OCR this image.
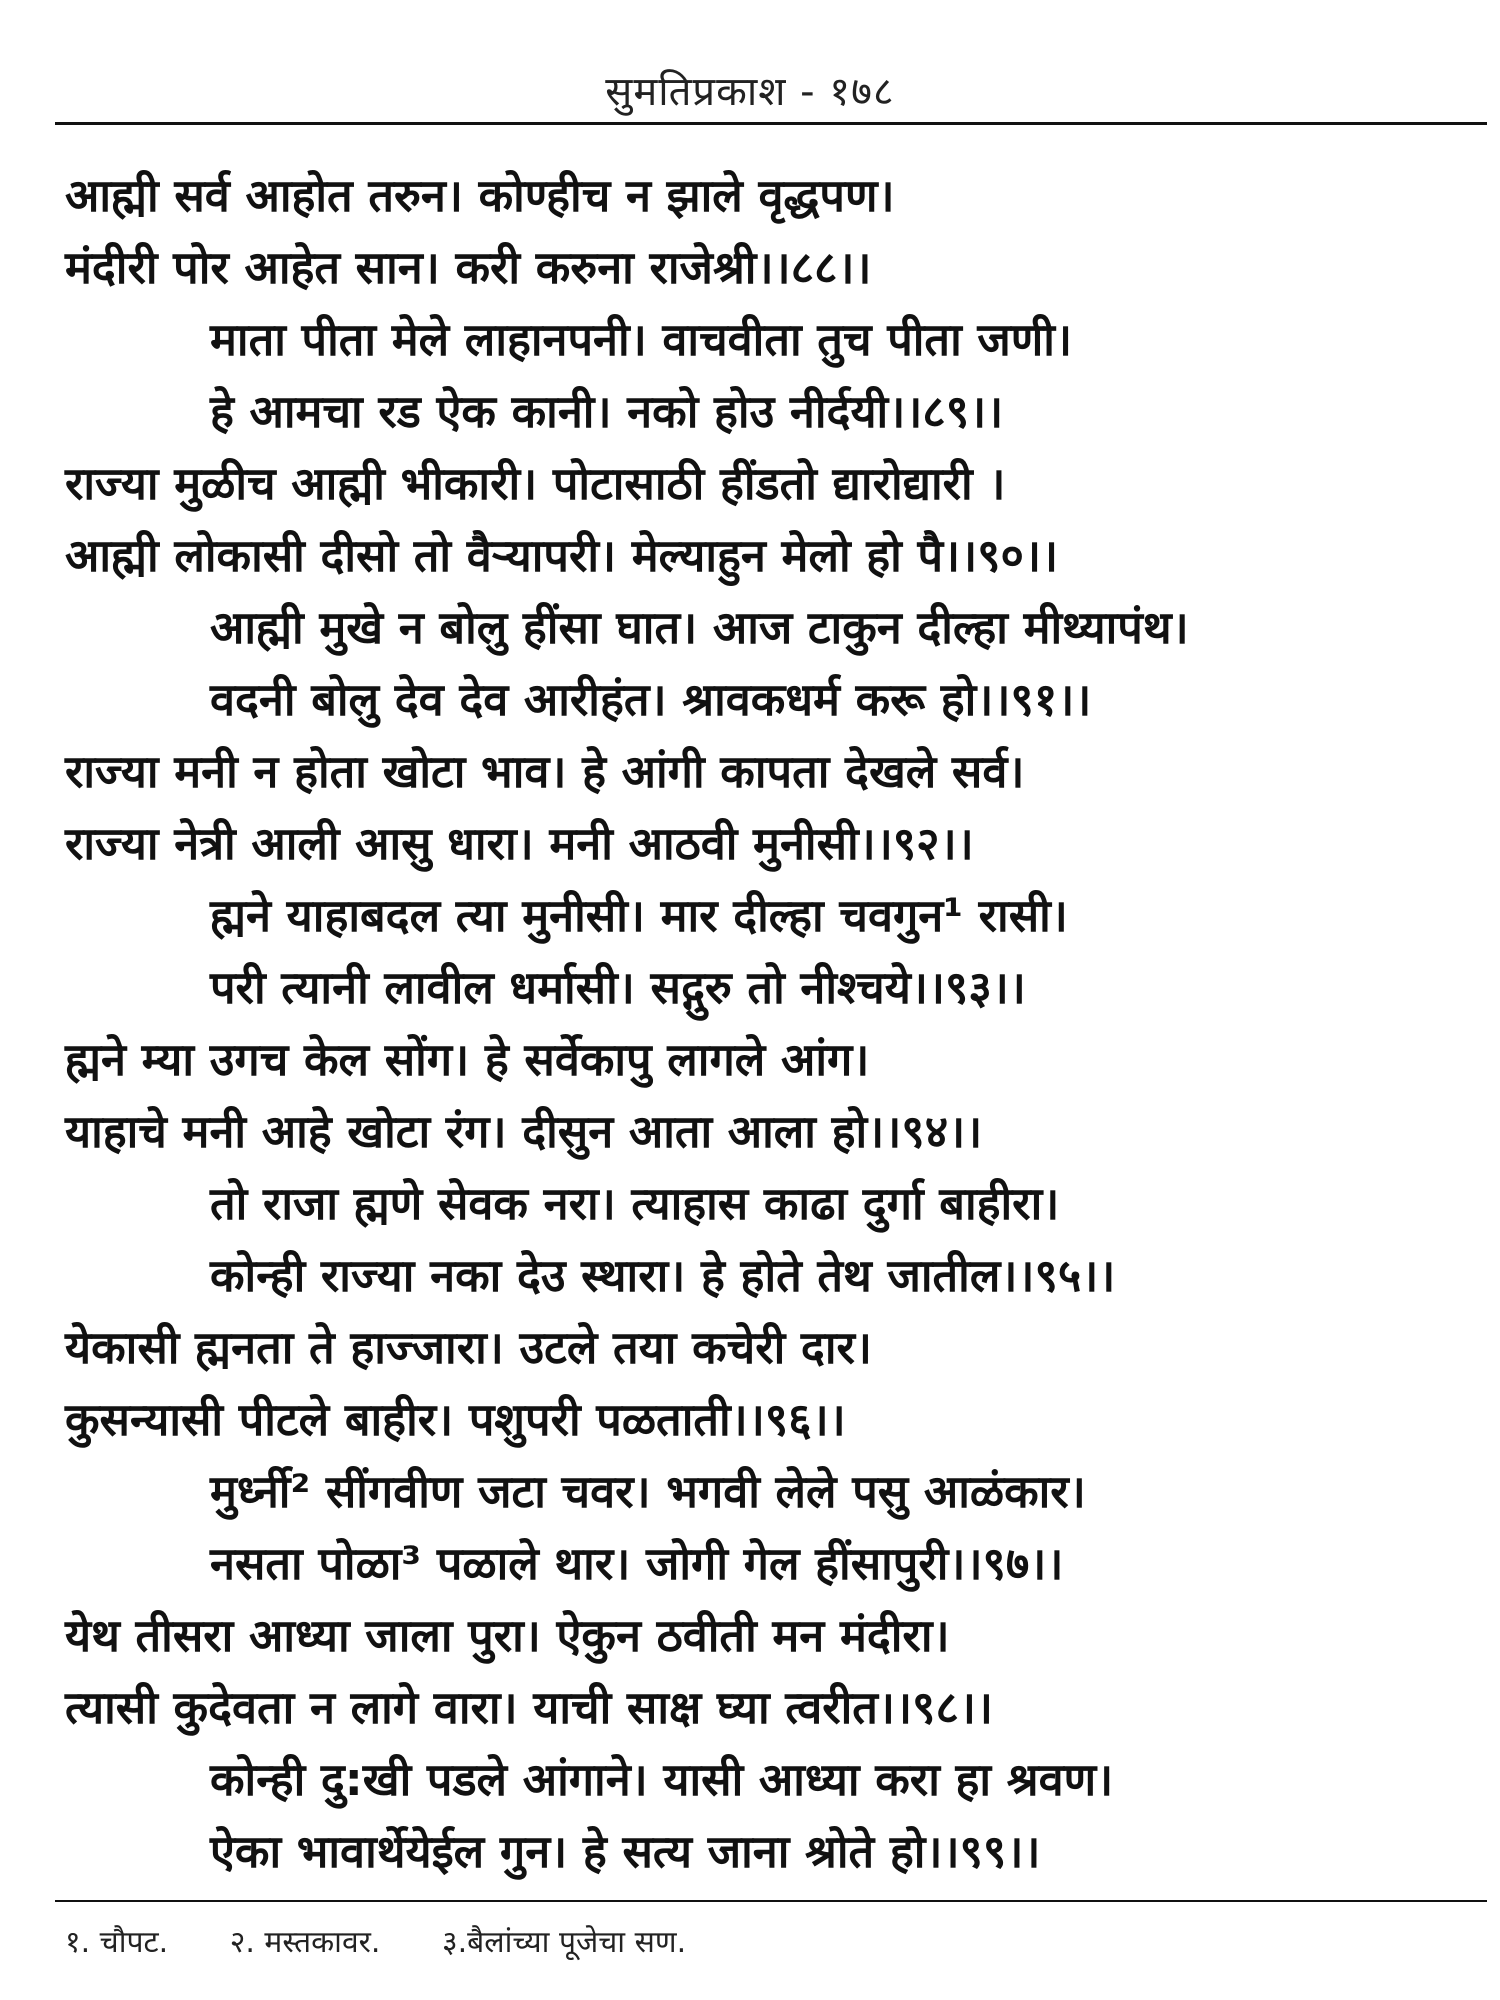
सुमतिप्रकाश - १७८
आह्मी सर्व आहोत तरुन। कोण्हीच न झाले वृद्धपण।
मंदीरी पोर आहेत सान। करी करुना राजेश्री।।८८।।
माता पीता मेले लाहानपनी। वाचवीता तुच पीता जणी।
हे आमचा रड ऐक कानी। नको होउ नीर्दयी।।८९।।
राज्या मुळीच आह्मी भीकारी। पोटासाठी हींडतो द्यारोद्यारी ।
आह्मी लोकासी दीसो तो वैऱ्यापरी। मेल्याहुन मेलो हो पै।।९०।।
आह्मी मुखे न बोलु हींसा घात। आज टाकुन दील्हा मीथ्यापंथ।
वदनी बोलु देव देव आरीहंत। श्रावकधर्म करू हो।।९१।।
राज्या मनी न होता खोटा भाव। हे आंगी कापता देखले सर्व।
राज्या नेत्री आली आसु धारा। मनी आठवी मुनीसी।।९२।।
ह्मने याहाबदल त्या मुनीसी। मार दील्हा चवगुन¹ रासी।
परी त्यानी लावील धर्मासी। सद्गुरु तो नीश्चये।।९३।।
ह्मने म्या उगच केल सोंग। हे सर्वेकापु लागले आंग।
याहाचे मनी आहे खोटा रंग। दीसुन आता आला हो।।९४।।
तो राजा ह्मणे सेवक नरा। त्याहास काढा दुर्गा बाहीरा।
कोन्ही राज्या नका देउ स्थारा। हे होते तेथ जातील।।९५।।
येकासी ह्मनता ते हाज्जारा। उटले तया कचेरी दार।
कुसन्यासी पीटले बाहीर। पशुपरी पळताती।।९६।।
मुर्ध्नी² सींगवीण जटा चवर। भगवी लेले पसु आळंकार।
नसता पोळा³ पळाले थार। जोगी गेल हींसापुरी।।९७।।
येथ तीसरा आध्या जाला पुरा। ऐकुन ठवीती मन मंदीरा।
त्यासी कुदेवता न लागे वारा। याची साक्ष घ्या त्वरीत।।९८।।
कोन्ही दु:खी पडले आंगाने। यासी आध्या करा हा श्रवण।
ऐका भावार्थेयेईल गुन। हे सत्य जाना श्रोते हो।।९९।।
१. चौपट. २. मस्तकावर. ३.बैलांच्या पूजेचा सण.
